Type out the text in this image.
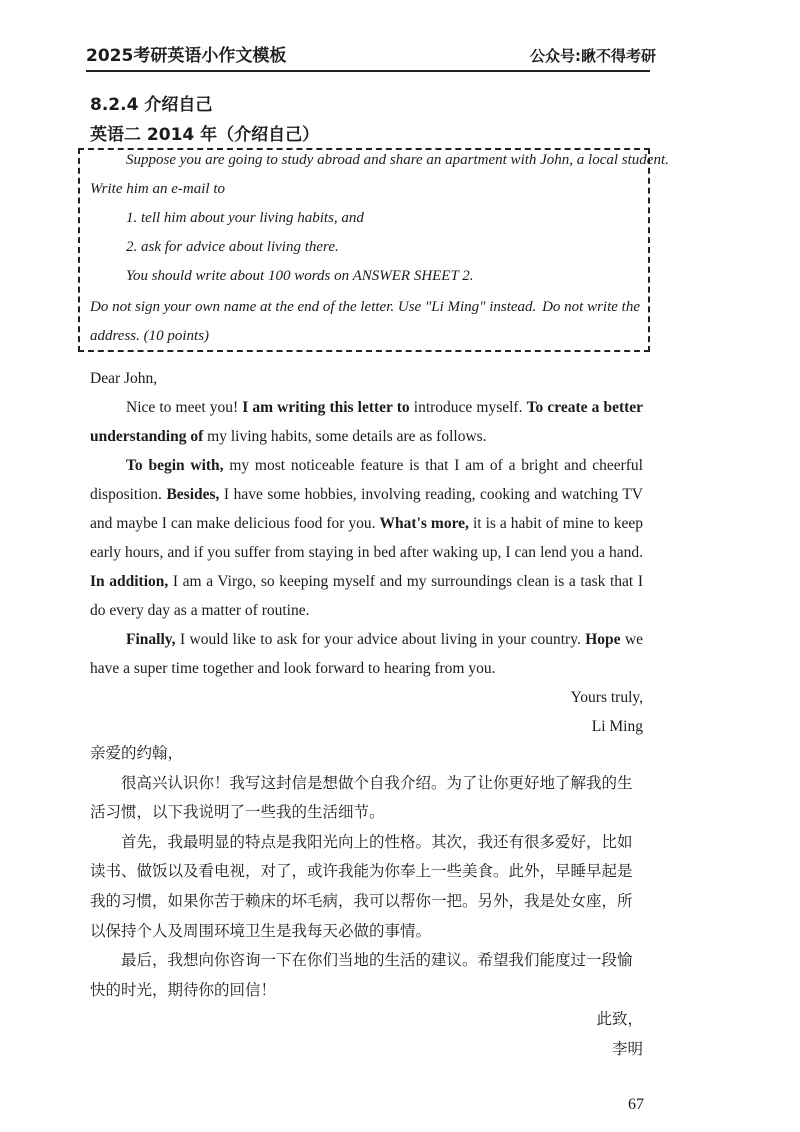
2025考研英语小作文模板	公众号:瞅不得考研
8.2.4 介绍自己
英语二 2014 年（介绍自己）
Suppose you are going to study abroad and share an apartment with John, a local student.
Write him an e-mail to
1. tell him about your living habits, and
2. ask for advice about living there.
You should write about 100 words on ANSWER SHEET 2.
Do not sign your own name at the end of the letter. Use "Li Ming" instead. Do not write the
address. (10 points)

Dear John,

Nice to meet you! I am writing this letter to introduce myself. To create a better understanding of my living habits, some details are as follows.

To begin with, my most noticeable feature is that I am of a bright and cheerful disposition. Besides, I have some hobbies, involving reading, cooking and watching TV and maybe I can make delicious food for you. What's more, it is a habit of mine to keep early hours, and if you suffer from staying in bed after waking up, I can lend you a hand. In addition, I am a Virgo, so keeping myself and my surroundings clean is a task that I do every day as a matter of routine.

Finally, I would like to ask for your advice about living in your country. Hope we have a super time together and look forward to hearing from you.

Yours truly,

Li Ming

亲爱的约翰，

很高兴认识你！我写这封信是想做个自我介绍。为了让你更好地了解我的生活习惯，以下我说明了一些我的生活细节。

首先，我最明显的特点是我阳光向上的性格。其次，我还有很多爱好，比如读书、做饭以及看电视，对了，或许我能为你奉上一些美食。此外，早睡早起是我的习惯，如果你苦于赖床的坏毛病，我可以帮你一把。另外，我是处女座，所以保持个人及周围环境卫生是我每天必做的事情。

最后，我想向你咨询一下在你们当地的生活的建议。希望我们能度过一段愉快的时光，期待你的回信！

此致，

李明

67
